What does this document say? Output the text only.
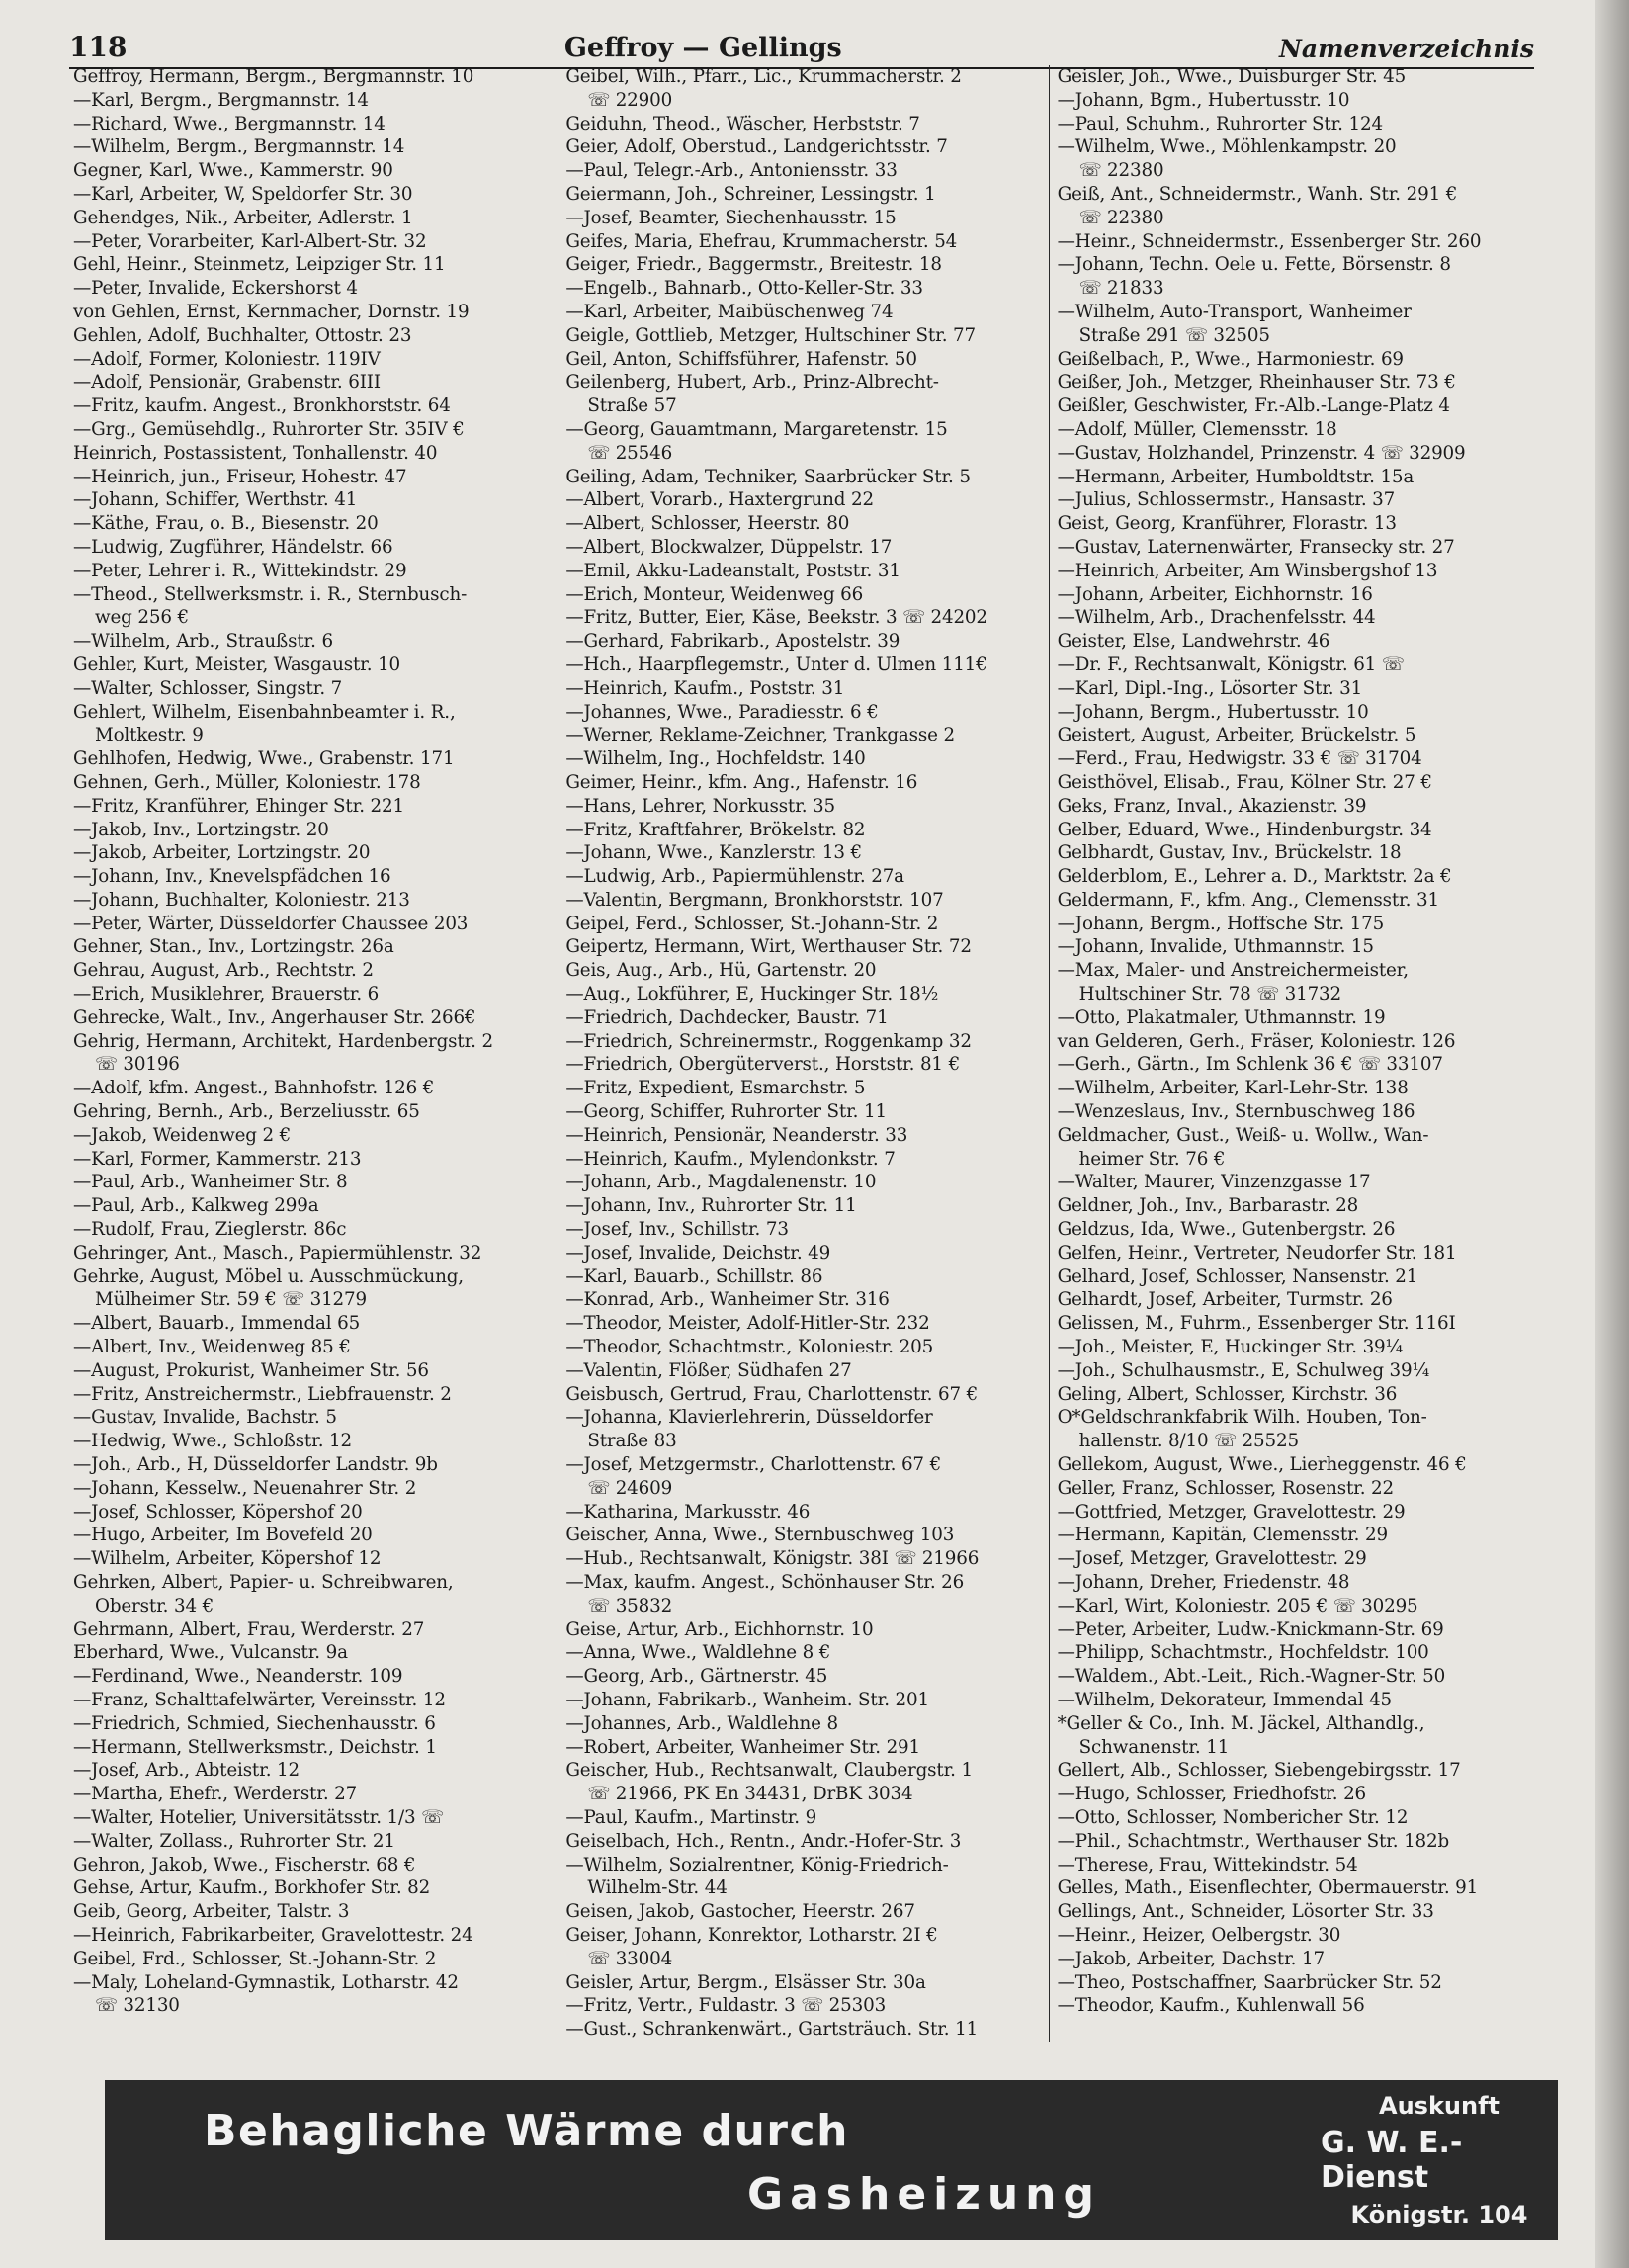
118	Geffroy — Gellings	Namenverzeichnis
Geffroy, Hermann, Bergm., Bergmannstr. 10
—Karl, Bergm., Bergmannstr. 14
—Richard, Wwe., Bergmannstr. 14
—Wilhelm, Bergm., Bergmannstr. 14
Gegner, Karl, Wwe., Kammerstr. 90
—Karl, Arbeiter, W, Speldorfer Str. 30
Gehendges, Nik., Arbeiter, Adlerstr. 1
—Peter, Vorarbeiter, Karl-Albert-Str. 32
Gehl, Heinr., Steinmetz, Leipziger Str. 11
—Peter, Invalide, Eckershorst 4
von Gehlen, Ernst, Kernmacher, Dornstr. 19
Gehlen, Adolf, Buchhalter, Ottostr. 23
—Adolf, Former, Koloniestr. 119IV
—Adolf, Pensionär, Grabenstr. 6III
—Fritz, kaufm. Angest., Bronkhorststr. 64
—Grg., Gemüsehdlg., Ruhrorter Str. 35IV €
Heinrich, Postassistent, Tonhallenstr. 40
—Heinrich, jun., Friseur, Hohestr. 47
—Johann, Schiffer, Werthstr. 41
—Käthe, Frau, o. B., Biesenstr. 20
—Ludwig, Zugführer, Händelstr. 66
—Peter, Lehrer i. R., Wittekindstr. 29
—Theod., Stellwerksmstr. i. R., Sternbusch-
weg 256 €
—Wilhelm, Arb., Straußstr. 6
Gehler, Kurt, Meister, Wasgaustr. 10
—Walter, Schlosser, Singstr. 7
Gehlert, Wilhelm, Eisenbahnbeamter i. R.,
Moltkestr. 9
Gehlhofen, Hedwig, Wwe., Grabenstr. 171
Gehnen, Gerh., Müller, Koloniestr. 178
—Fritz, Kranführer, Ehinger Str. 221
—Jakob, Inv., Lortzingstr. 20
—Jakob, Arbeiter, Lortzingstr. 20
—Johann, Inv., Knevelspfädchen 16
—Johann, Buchhalter, Koloniestr. 213
—Peter, Wärter, Düsseldorfer Chaussee 203
Gehner, Stan., Inv., Lortzingstr. 26a
Gehrau, August, Arb., Rechtstr. 2
—Erich, Musiklehrer, Brauerstr. 6
Gehrecke, Walt., Inv., Angerhauser Str. 266€
Gehrig, Hermann, Architekt, Hardenbergstr. 2
☏ 30196
—Adolf, kfm. Angest., Bahnhofstr. 126 €
Gehring, Bernh., Arb., Berzeliusstr. 65
—Jakob, Weidenweg 2 €
—Karl, Former, Kammerstr. 213
—Paul, Arb., Wanheimer Str. 8
—Paul, Arb., Kalkweg 299a
—Rudolf, Frau, Zieglerstr. 86c
Gehringer, Ant., Masch., Papiermühlenstr. 32
Gehrke, August, Möbel u. Ausschmückung,
Mülheimer Str. 59 € ☏ 31279
—Albert, Bauarb., Immendal 65
—Albert, Inv., Weidenweg 85 €
—August, Prokurist, Wanheimer Str. 56
—Fritz, Anstreichermstr., Liebfrauenstr. 2
—Gustav, Invalide, Bachstr. 5
—Hedwig, Wwe., Schloßstr. 12
—Joh., Arb., H, Düsseldorfer Landstr. 9b
—Johann, Kesselw., Neuenahrer Str. 2
—Josef, Schlosser, Köpershof 20
—Hugo, Arbeiter, Im Bovefeld 20
—Wilhelm, Arbeiter, Köpershof 12
Gehrken, Albert, Papier- u. Schreibwaren,
Oberstr. 34 €
Gehrmann, Albert, Frau, Werderstr. 27
Eberhard, Wwe., Vulcanstr. 9a
—Ferdinand, Wwe., Neanderstr. 109
—Franz, Schalttafelwärter, Vereinsstr. 12
—Friedrich, Schmied, Siechenhausstr. 6
—Hermann, Stellwerksmstr., Deichstr. 1
—Josef, Arb., Abteistr. 12
—Martha, Ehefr., Werderstr. 27
—Walter, Hotelier, Universitätsstr. 1/3 ☏
—Walter, Zollass., Ruhrorter Str. 21
Gehron, Jakob, Wwe., Fischerstr. 68 €
Gehse, Artur, Kaufm., Borkhofer Str. 82
Geib, Georg, Arbeiter, Talstr. 3
—Heinrich, Fabrikarbeiter, Gravelottestr. 24
Geibel, Frd., Schlosser, St.-Johann-Str. 2
—Maly, Loheland-Gymnastik, Lotharstr. 42
☏ 32130
Geibel, Wilh., Pfarr., Lic., Krummacherstr. 2
☏ 22900
Geiduhn, Theod., Wäscher, Herbststr. 7
Geier, Adolf, Oberstud., Landgerichtsstr. 7
—Paul, Telegr.-Arb., Antoniensstr. 33
Geiermann, Joh., Schreiner, Lessingstr. 1
—Josef, Beamter, Siechenhausstr. 15
Geifes, Maria, Ehefrau, Krummacherstr. 54
Geiger, Friedr., Baggermstr., Breitestr. 18
—Engelb., Bahnarb., Otto-Keller-Str. 33
—Karl, Arbeiter, Maibüschenweg 74
Geigle, Gottlieb, Metzger, Hultschiner Str. 77
Geil, Anton, Schiffsführer, Hafenstr. 50
Geilenberg, Hubert, Arb., Prinz-Albrecht-
Straße 57
—Georg, Gauamtmann, Margaretenstr. 15
☏ 25546
Geiling, Adam, Techniker, Saarbrücker Str. 5
—Albert, Vorarb., Haxtergrund 22
—Albert, Schlosser, Heerstr. 80
—Albert, Blockwalzer, Düppelstr. 17
—Emil, Akku-Ladeanstalt, Poststr. 31
—Erich, Monteur, Weidenweg 66
—Fritz, Butter, Eier, Käse, Beekstr. 3 ☏ 24202
—Gerhard, Fabrikarb., Apostelstr. 39
—Hch., Haarpflegemstr., Unter d. Ulmen 111€
—Heinrich, Kaufm., Poststr. 31
—Johannes, Wwe., Paradiesstr. 6 €
—Werner, Reklame-Zeichner, Trankgasse 2
—Wilhelm, Ing., Hochfeldstr. 140
Geimer, Heinr., kfm. Ang., Hafenstr. 16
—Hans, Lehrer, Norkusstr. 35
—Fritz, Kraftfahrer, Brökelstr. 82
—Johann, Wwe., Kanzlerstr. 13 €
—Ludwig, Arb., Papiermühlenstr. 27a
—Valentin, Bergmann, Bronkhorststr. 107
Geipel, Ferd., Schlosser, St.-Johann-Str. 2
Geipertz, Hermann, Wirt, Werthauser Str. 72
Geis, Aug., Arb., Hü, Gartenstr. 20
—Aug., Lokführer, E, Huckinger Str. 18½
—Friedrich, Dachdecker, Baustr. 71
—Friedrich, Schreinermstr., Roggenkamp 32
—Friedrich, Obergüterverst., Horststr. 81 €
—Fritz, Expedient, Esmarchstr. 5
—Georg, Schiffer, Ruhrorter Str. 11
—Heinrich, Pensionär, Neanderstr. 33
—Heinrich, Kaufm., Mylendonkstr. 7
—Johann, Arb., Magdalenenstr. 10
—Johann, Inv., Ruhrorter Str. 11
—Josef, Inv., Schillstr. 73
—Josef, Invalide, Deichstr. 49
—Karl, Bauarb., Schillstr. 86
—Konrad, Arb., Wanheimer Str. 316
—Theodor, Meister, Adolf-Hitler-Str. 232
—Theodor, Schachtmstr., Koloniestr. 205
—Valentin, Flößer, Südhafen 27
Geisbusch, Gertrud, Frau, Charlottenstr. 67 €
—Johanna, Klavierlehrerin, Düsseldorfer
Straße 83
—Josef, Metzgermstr., Charlottenstr. 67 €
☏ 24609
—Katharina, Markusstr. 46
Geischer, Anna, Wwe., Sternbuschweg 103
—Hub., Rechtsanwalt, Königstr. 38I ☏ 21966
—Max, kaufm. Angest., Schönhauser Str. 26
☏ 35832
Geise, Artur, Arb., Eichhornstr. 10
—Anna, Wwe., Waldlehne 8 €
—Georg, Arb., Gärtnerstr. 45
—Johann, Fabrikarb., Wanheim. Str. 201
—Johannes, Arb., Waldlehne 8
—Robert, Arbeiter, Wanheimer Str. 291
Geischer, Hub., Rechtsanwalt, Claubergstr. 1
☏ 21966, PK En 34431, DrBK 3034
—Paul, Kaufm., Martinstr. 9
Geiselbach, Hch., Rentn., Andr.-Hofer-Str. 3
—Wilhelm, Sozialrentner, König-Friedrich-
Wilhelm-Str. 44
Geisen, Jakob, Gastocher, Heerstr. 267
Geiser, Johann, Konrektor, Lotharstr. 2I €
☏ 33004
Geisler, Artur, Bergm., Elsässer Str. 30a
—Fritz, Vertr., Fuldastr. 3 ☏ 25303
—Gust., Schrankenwärt., Gartsträuch. Str. 11
Geisler, Joh., Wwe., Duisburger Str. 45
—Johann, Bgm., Hubertusstr. 10
—Paul, Schuhm., Ruhrorter Str. 124
—Wilhelm, Wwe., Möhlenkampstr. 20
☏ 22380
Geiß, Ant., Schneidermstr., Wanh. Str. 291 €
☏ 22380
—Heinr., Schneidermstr., Essenberger Str. 260
—Johann, Techn. Oele u. Fette, Börsenstr. 8
☏ 21833
—Wilhelm, Auto-Transport, Wanheimer
Straße 291 ☏ 32505
Geißelbach, P., Wwe., Harmoniestr. 69
Geißer, Joh., Metzger, Rheinhauser Str. 73 €
Geißler, Geschwister, Fr.-Alb.-Lange-Platz 4
—Adolf, Müller, Clemensstr. 18
—Gustav, Holzhandel, Prinzenstr. 4 ☏ 32909
—Hermann, Arbeiter, Humboldtstr. 15a
—Julius, Schlossermstr., Hansastr. 37
Geist, Georg, Kranführer, Florastr. 13
—Gustav, Laternenwärter, Fransecky str. 27
—Heinrich, Arbeiter, Am Winsbergshof 13
—Johann, Arbeiter, Eichhornstr. 16
—Wilhelm, Arb., Drachenfelsstr. 44
Geister, Else, Landwehrstr. 46
—Dr. F., Rechtsanwalt, Königstr. 61 ☏
—Karl, Dipl.-Ing., Lösorter Str. 31
—Johann, Bergm., Hubertusstr. 10
Geistert, August, Arbeiter, Brückelstr. 5
—Ferd., Frau, Hedwigstr. 33 € ☏ 31704
Geisthövel, Elisab., Frau, Kölner Str. 27 €
Geks, Franz, Inval., Akazienstr. 39
Gelber, Eduard, Wwe., Hindenburgstr. 34
Gelbhardt, Gustav, Inv., Brückelstr. 18
Gelderblom, E., Lehrer a. D., Marktstr. 2a €
Geldermann, F., kfm. Ang., Clemensstr. 31
—Johann, Bergm., Hoffsche Str. 175
—Johann, Invalide, Uthmannstr. 15
—Max, Maler- und Anstreichermeister,
Hultschiner Str. 78 ☏ 31732
—Otto, Plakatmaler, Uthmannstr. 19
van Gelderen, Gerh., Fräser, Koloniestr. 126
—Gerh., Gärtn., Im Schlenk 36 € ☏ 33107
—Wilhelm, Arbeiter, Karl-Lehr-Str. 138
—Wenzeslaus, Inv., Sternbuschweg 186
Geldmacher, Gust., Weiß- u. Wollw., Wan-
heimer Str. 76 €
—Walter, Maurer, Vinzenzgasse 17
Geldner, Joh., Inv., Barbarastr. 28
Geldzus, Ida, Wwe., Gutenbergstr. 26
Gelfen, Heinr., Vertreter, Neudorfer Str. 181
Gelhard, Josef, Schlosser, Nansenstr. 21
Gelhardt, Josef, Arbeiter, Turmstr. 26
Gelissen, M., Fuhrm., Essenberger Str. 116I
—Joh., Meister, E, Huckinger Str. 39¼
—Joh., Schulhausmstr., E, Schulweg 39¼
Geling, Albert, Schlosser, Kirchstr. 36
O*Geldschrankfabrik Wilh. Houben, Ton-
hallenstr. 8/10 ☏ 25525
Gellekom, August, Wwe., Lierheggenstr. 46 €
Geller, Franz, Schlosser, Rosenstr. 22
—Gottfried, Metzger, Gravelottestr. 29
—Hermann, Kapitän, Clemensstr. 29
—Josef, Metzger, Gravelottestr. 29
—Johann, Dreher, Friedenstr. 48
—Karl, Wirt, Koloniestr. 205 € ☏ 30295
—Peter, Arbeiter, Ludw.-Knickmann-Str. 69
—Philipp, Schachtmstr., Hochfeldstr. 100
—Waldem., Abt.-Leit., Rich.-Wagner-Str. 50
—Wilhelm, Dekorateur, Immendal 45
*Geller & Co., Inh. M. Jäckel, Althandlg.,
Schwanenstr. 11
Gellert, Alb., Schlosser, Siebengebirgsstr. 17
—Hugo, Schlosser, Friedhofstr. 26
—Otto, Schlosser, Nombericher Str. 12
—Phil., Schachtmstr., Werthauser Str. 182b
—Therese, Frau, Wittekindstr. 54
Gelles, Math., Eisenflechter, Obermauerstr. 91
Gellings, Ant., Schneider, Lösorter Str. 33
—Heinr., Heizer, Oelbergstr. 30
—Jakob, Arbeiter, Dachstr. 17
—Theo, Postschaffner, Saarbrücker Str. 52
—Theodor, Kaufm., Kuhlenwall 56
Behagliche Wärme durch
Gasheizung
Auskunft
G. W. E.-Dienst
Königstr. 104
